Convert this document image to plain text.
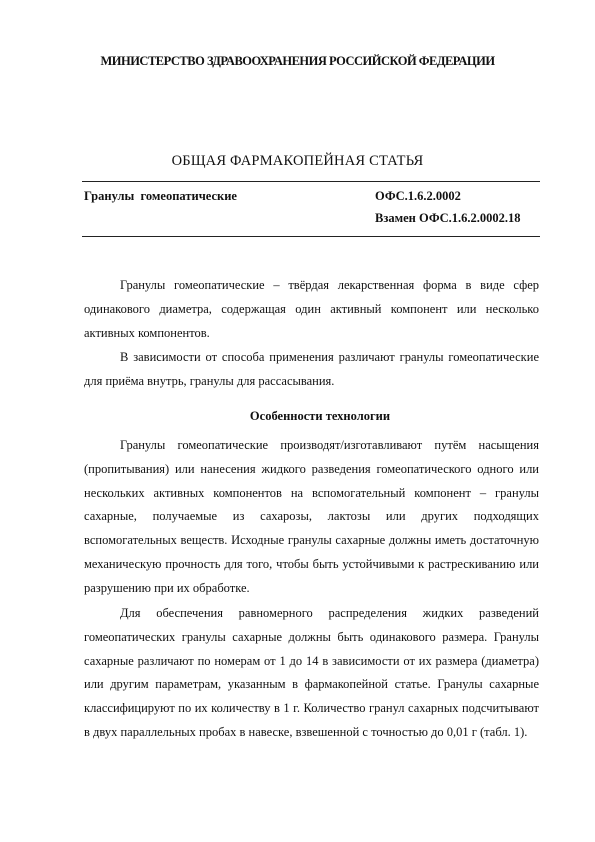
МИНИСТЕРСТВО ЗДРАВООХРАНЕНИЯ РОССИЙСКОЙ ФЕДЕРАЦИИ
ОБЩАЯ ФАРМАКОПЕЙНАЯ СТАТЬЯ
Гранулы  гомеопатические	ОФС.1.6.2.0002
Взамен ОФС.1.6.2.0002.18

Гранулы гомеопатические – твёрдая лекарственная форма в виде сфер одинакового диаметра, содержащая один активный компонент или несколько активных компонентов.

В зависимости от способа применения различают гранулы гомеопатические для приёма внутрь, гранулы для рассасывания.

Особенности технологии

Гранулы гомеопатические производят/изготавливают путём насыщения (пропитывания) или нанесения жидкого разведения гомеопатического одного или нескольких активных компонентов на вспомогательный компонент – гранулы сахарные, получаемые из сахарозы, лактозы или других подходящих вспомогательных веществ. Исходные гранулы сахарные должны иметь достаточную механическую прочность для того, чтобы быть устойчивыми к растрескиванию или разрушению при их обработке.

Для обеспечения равномерного распределения жидких разведений гомеопатических гранулы сахарные должны быть одинакового размера. Гранулы сахарные различают по номерам от 1 до 14 в зависимости от их размера (диаметра) или другим параметрам, указанным в фармакопейной статье. Гранулы сахарные классифицируют по их количеству в 1 г. Количество гранул сахарных подсчитывают в двух параллельных пробах в навеске, взвешенной с точностью до 0,01 г (табл. 1).
